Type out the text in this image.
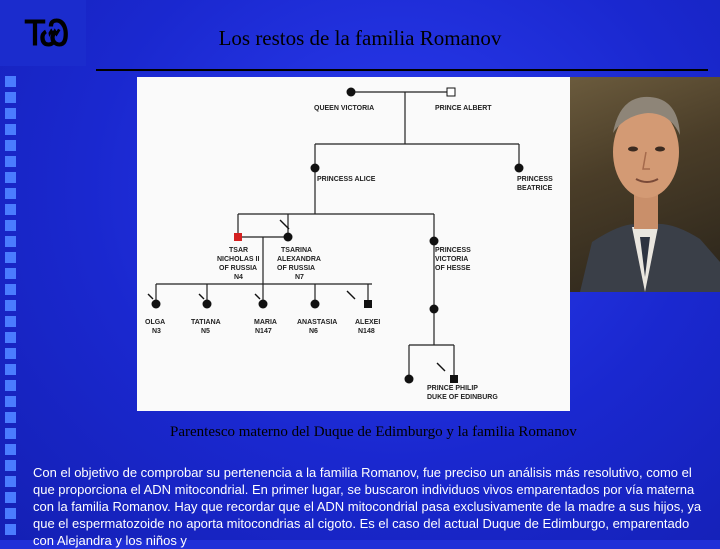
ᎢᏯ	Los restos de la familia Romanov
QUEEN VICTORIA	PRINCE ALBERT
PRINCESS ALICE	PRINCESS
BEATRICE
TSAR
NICHOLAS II
OF RUSSIA
N4
TSARINA
ALEXANDRA
OF RUSSIA
N7
PRINCESS
VICTORIA
OF HESSE
OLGA
N3
TATIANA
N5
MARIA
N147
ANASTASIA
N6
ALEXEI
N148
PRINCE PHILIP
DUKE OF EDINBURG
Parentesco materno del Duque de Edimburgo y la familia Romanov
Con el objetivo de comprobar su pertenencia a la familia Romanov, fue preciso un análisis más resolutivo, como el que proporciona el ADN mitocondrial. En primer lugar, se buscaron individuos vivos emparentados por vía materna con la familia Romanov. Hay que recordar que el ADN mitocondrial pasa exclusivamente de la madre a sus hijos, ya que el espermatozoide no aporta mitocondrias al cigoto. Es el caso del actual Duque de Edimburgo, emparentado con Alejandra y los niños y
